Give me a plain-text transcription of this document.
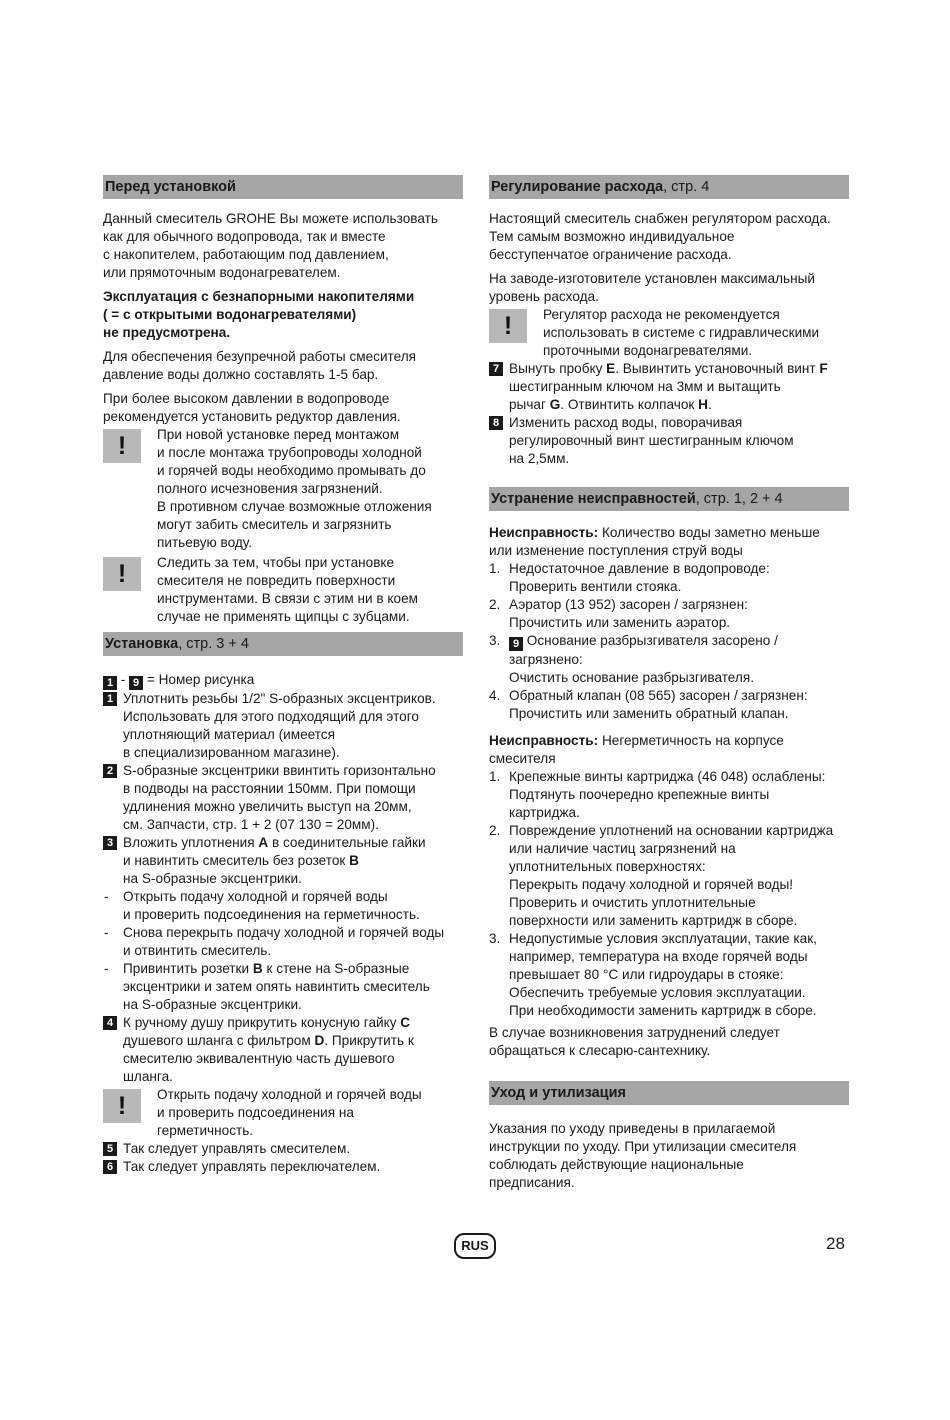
Перед установкой

Данный смеситель GROHE Вы можете использовать
как для обычного водопровода, так и вместе
с накопителем, работающим под давлением,
или прямоточным водонагревателем.

Эксплуатация с безнапорными накопителями
( = с открытыми водонагревателями)
не предусмотрена.

Для обеспечения безупречной работы смесителя
давление воды должно составлять 1-5 бар.

При более высоком давлении в водопроводе
рекомендуется установить редуктор давления.

!	При новой установке перед монтажом
и после монтажа трубопроводы холодной
и горячей воды необходимо промывать до
полного исчезновения загрязнений.
В противном случае возможные отложения
могут забить смеситель и загрязнить
питьевую воду.
!	Следить за тем, чтобы при установке
смесителя не повредить поверхности
инструментами. В связи с этим ни в коем
случае не применять щипцы с зубцами.
Установка, стр. 3 + 4
1 - 9 = Номер рисунка
1 Уплотнить резьбы 1/2" S-образных эксцентриков.
Использовать для этого подходящий для этого
уплотняющий материал (имеется
в специализированном магазине).
2 S-образные эксцентрики ввинтить горизонтально
в подводы на расстоянии 150мм. При помощи
удлинения можно увеличить выступ на 20мм,
см. Запчасти, стр. 1 + 2 (07 130 = 20мм).
3 Вложить уплотнения A в соединительные гайки
и навинтить смеситель без розеток B
на S-образные эксцентрики.
- Открыть подачу холодной и горячей воды
и проверить подсоединения на герметичность.
- Снова перекрыть подачу холодной и горячей воды
и отвинтить смеситель.
- Привинтить розетки B к стене на S-образные
эксцентрики и затем опять навинтить смеситель
на S-образные эксцентрики.
4 К ручному душу прикрутить конусную гайку C
душевого шланга с фильтром D. Прикрутить к
смесителю эквивалентную часть душевого
шланга.
!	Открыть подачу холодной и горячей воды
и проверить подсоединения на
герметичность.
5 Так следует управлять смесителем.
6 Так следует управлять переключателем.
Регулирование расхода, стр. 4

Настоящий смеситель снабжен регулятором расхода.
Тем самым возможно индивидуальное
бесступенчатое ограничение расхода.

На заводе-изготовителе установлен максимальный
уровень расхода.

!	Регулятор расхода не рекомендуется
использовать в системе с гидравлическими
проточными водонагревателями.
7 Вынуть пробку E. Вывинтить установочный винт F
шестигранным ключом на 3мм и вытащить
рычаг G. Отвинтить колпачок H.
8 Изменить расход воды, поворачивая
регулировочный винт шестигранным ключом
на 2,5мм.
Устранение неисправностей, стр. 1, 2 + 4
Неисправность: Количество воды заметно меньше
или изменение поступления струй воды
1. Недостаточное давление в водопроводе:
Проверить вентили стояка.
2. Аэратор (13 952) засорен / загрязнен:
Прочистить или заменить аэратор.
3. 9 Основание разбрызгивателя засорено /
загрязнено:
Очистить основание разбрызгивателя.
4. Обратный клапан (08 565) засорен / загрязнен:
Прочистить или заменить обратный клапан.
Неисправность: Негерметичность на корпусе
смесителя
1. Крепежные винты картриджа (46 048) ослаблены:
Подтянуть поочередно крепежные винты
картриджа.
2. Повреждение уплотнений на основании картриджа
или наличие частиц загрязнений на
уплотнительных поверхностях:
Перекрыть подачу холодной и горячей воды!
Проверить и очистить уплотнительные
поверхности или заменить картридж в сборе.
3. Недопустимые условия эксплуатации, такие как,
например, температура на входе горячей воды
превышает 80 °C или гидроудары в стояке:
Обеспечить требуемые условия эксплуатации.
При необходимости заменить картридж в сборе.

В случае возникновения затруднений следует
обращаться к слесарю-сантехнику.

Уход и утилизация

Указания по уходу приведены в прилагаемой
инструкции по уходу. При утилизации смесителя
соблюдать действующие национальные
предписания.

RUS	28
